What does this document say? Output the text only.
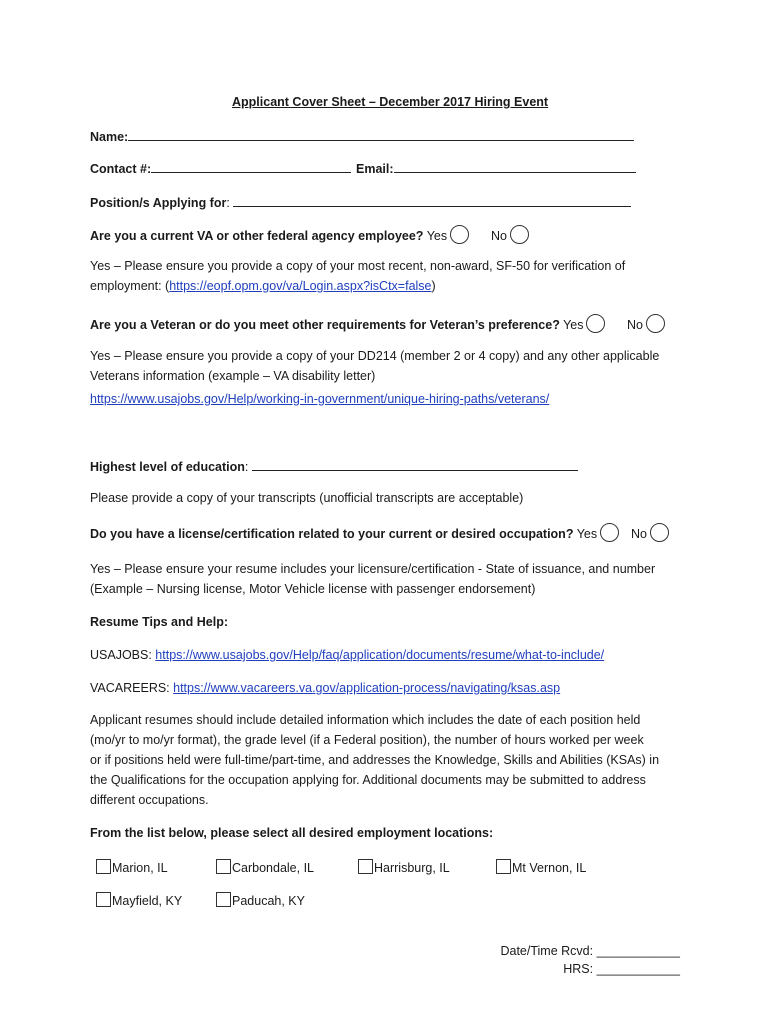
Applicant Cover Sheet – December 2017 Hiring Event
Name:
Contact #:	Email:
Position/s Applying for:
Are you a current VA or other federal agency employee? Yes	No
Yes – Please ensure you provide a copy of your most recent, non-award, SF-50 for verification of
employment: (https://eopf.opm.gov/va/Login.aspx?isCtx=false)
Are you a Veteran or do you meet other requirements for Veteran’s preference? Yes	No
Yes – Please ensure you provide a copy of your DD214 (member 2 or 4 copy) and any other applicable
Veterans information (example – VA disability letter)
https://www.usajobs.gov/Help/working-in-government/unique-hiring-paths/veterans/
Highest level of education:
Please provide a copy of your transcripts (unofficial transcripts are acceptable)
Do you have a license/certification related to your current or desired occupation? Yes	No
Yes – Please ensure your resume includes your licensure/certification - State of issuance, and number
(Example – Nursing license, Motor Vehicle license with passenger endorsement)
Resume Tips and Help:
USAJOBS: https://www.usajobs.gov/Help/faq/application/documents/resume/what-to-include/
VACAREERS: https://www.vacareers.va.gov/application-process/navigating/ksas.asp
Applicant resumes should include detailed information which includes the date of each position held
(mo/yr to mo/yr format), the grade level (if a Federal position), the number of hours worked per week
or if positions held were full-time/part-time, and addresses the Knowledge, Skills and Abilities (KSAs) in
the Qualifications for the occupation applying for. Additional documents may be submitted to address
different occupations.
From the list below, please select all desired employment locations:
Marion, IL	Carbondale, IL	Harrisburg, IL	Mt Vernon, IL
Mayfield, KY	Paducah, KY
Date/Time Rcvd: ____________
HRS: ____________
